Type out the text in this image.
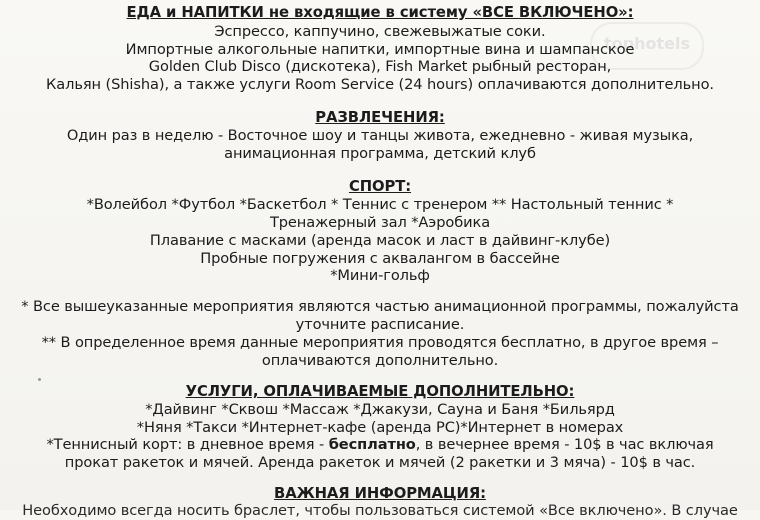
tophotels
ЕДА и НАПИТКИ не входящие в систему «ВСЕ ВКЛЮЧЕНО»:
Эспрессо, каппучино, свежевыжатые соки.
Импортные алкогольные напитки, импортные вина и шампанское
Golden Club Disco (дискотека), Fish Market рыбный ресторан,
Кальян (Shisha), а также услуги Room Service (24 hours) оплачиваются дополнительно.
РАЗВЛЕЧЕНИЯ:
Один раз в неделю - Восточное шоу и танцы живота, ежедневно - живая музыка,
анимационная программа, детский клуб
СПОРТ:
*Волейбол *Футбол *Баскетбол * Теннис с тренером ** Настольный теннис *
Тренажерный зал *Аэробика
Плавание с масками (аренда масок и ласт в дайвинг-клубе)
Пробные погружения с аквалангом в бассейне
*Мини-гольф
* Все вышеуказанные мероприятия являются частью анимационной программы, пожалуйста
уточните расписание.
** В определенное время данные мероприятия проводятся бесплатно, в другое время –
оплачиваются дополнительно.
УСЛУГИ, ОПЛАЧИВАЕМЫЕ ДОПОЛНИТЕЛЬНО:
*Дайвинг *Сквош *Массаж *Джакузи, Сауна и Баня *Бильярд
*Няня *Такси *Интернет-кафе (аренда PC)*Интернет в номерах
*Теннисный корт: в дневное время - бесплатно, в вечернее время - 10$ в час включая
прокат ракеток и мячей. Аренда ракеток и мячей (2 ракетки и 3 мяча) - 10$ в час.
ВАЖНАЯ ИНФОРМАЦИЯ:
Необходимо всегда носить браслет, чтобы пользоваться системой «Все включено». В случае
